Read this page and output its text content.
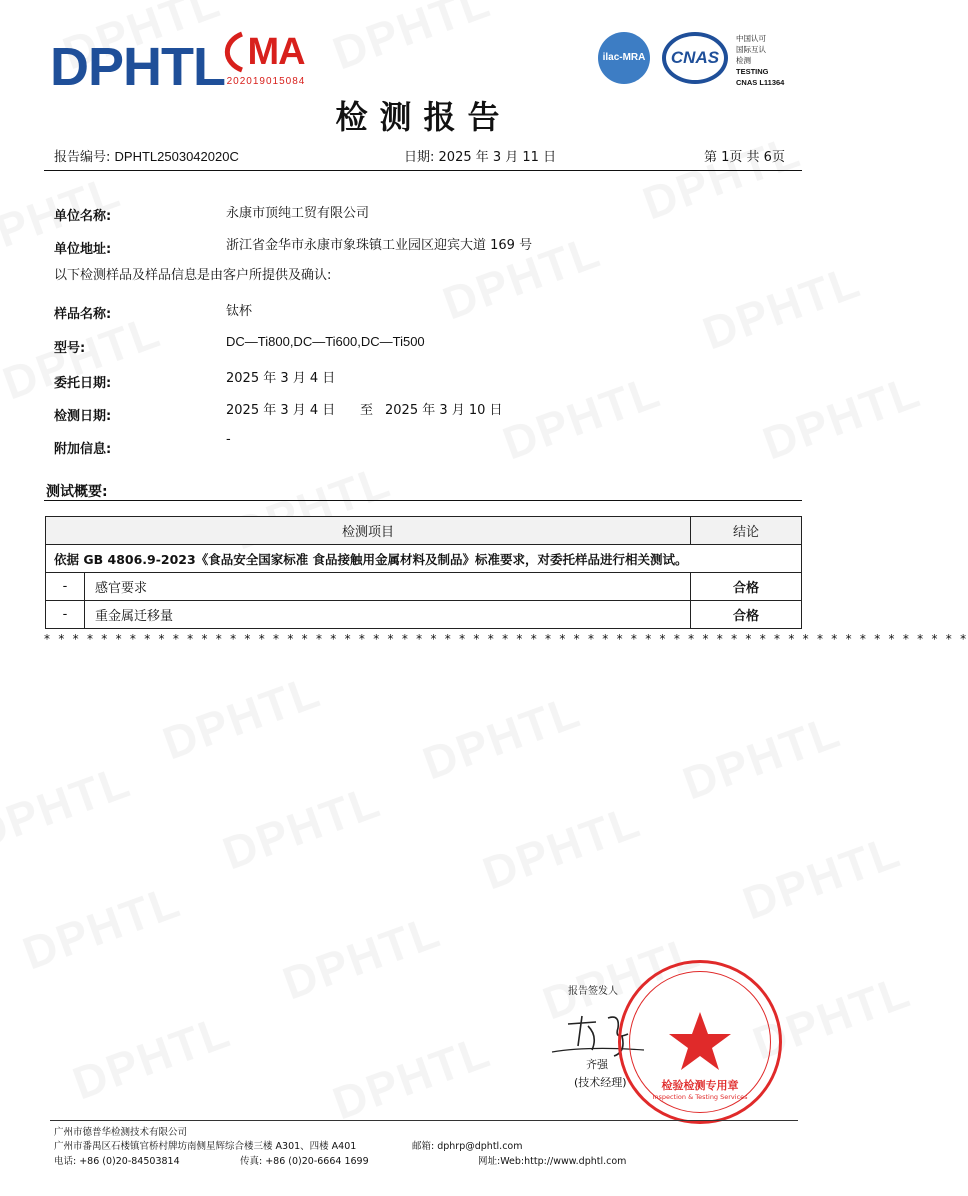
DPHTL MA
202019015084
ilac-MRA	CNAS
中国认可
国际互认
检测
TESTING
CNAS L11364
检测报告
报告编号: DPHTL2503042020C	日期: 2025 年 3 月 11 日	第 1页 共 6页
单位名称:	永康市顶纯工贸有限公司
单位地址:	浙江省金华市永康市象珠镇工业园区迎宾大道 169 号
以下检测样品及样品信息是由客户所提供及确认:
样品名称:	钛杯
型号:	DC—Ti800,DC—Ti600,DC—Ti500
委托日期:	2025 年 3 月 4 日
检测日期:	2025 年 3 月 4 日 至 2025 年 3 月 10 日
附加信息:
-
测试概要:
检测项目		结论
依据 GB 4806.9-2023《食品安全国家标准 食品接触用金属材料及制品》标准要求，对委托样品进行相关测试。		
-	感官要求	合格
-	重金属迁移量	合格
* * * * * * * * * * * * * * * * * * * * * * * * * * * * * * * * * * * * * * * * * * * * * * * * * * * * * * * * * * * * * * * * *
报告签发人
齐强
(技术经理)	检验检测专用章
Inspection & Testing Services
广州市德普华检测技术有限公司
广州市番禺区石楼镇官桥村牌坊南侧星辉综合楼三楼 A301、四楼 A401	邮箱: dphrp@dphtl.com
电话: +86 (0)20-84503814	传真: +86 (0)20-6664 1699	网址:Web:http://www.dphtl.com
